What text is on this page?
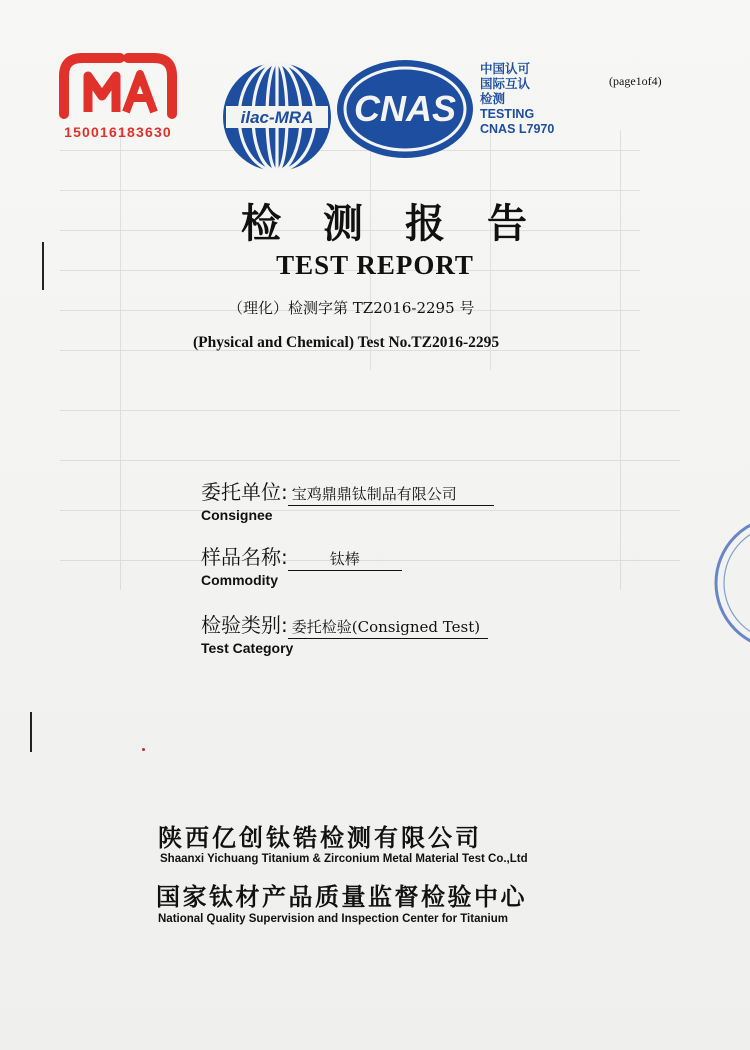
150016183630
ilac-MRA CNAS
中国认可
国际互认
检测
TESTING
CNAS L7970
(page1of4)
检测报告
TEST REPORT
（理化）检测字第 TZ2016-2295 号
(Physical and Chemical) Test No.TZ2016-2295
委托单位: 宝鸡鼎鼎钛制品有限公司
Consignee
样品名称:	钛棒
Commodity
检验类别: 委托检验(Consigned Test)
Test Category
陕西亿创钛锆检测有限公司
Shaanxi Yichuang Titanium & Zirconium Metal Material Test Co.,Ltd
国家钛材产品质量监督检验中心
National Quality Supervision and Inspection Center for Titanium
